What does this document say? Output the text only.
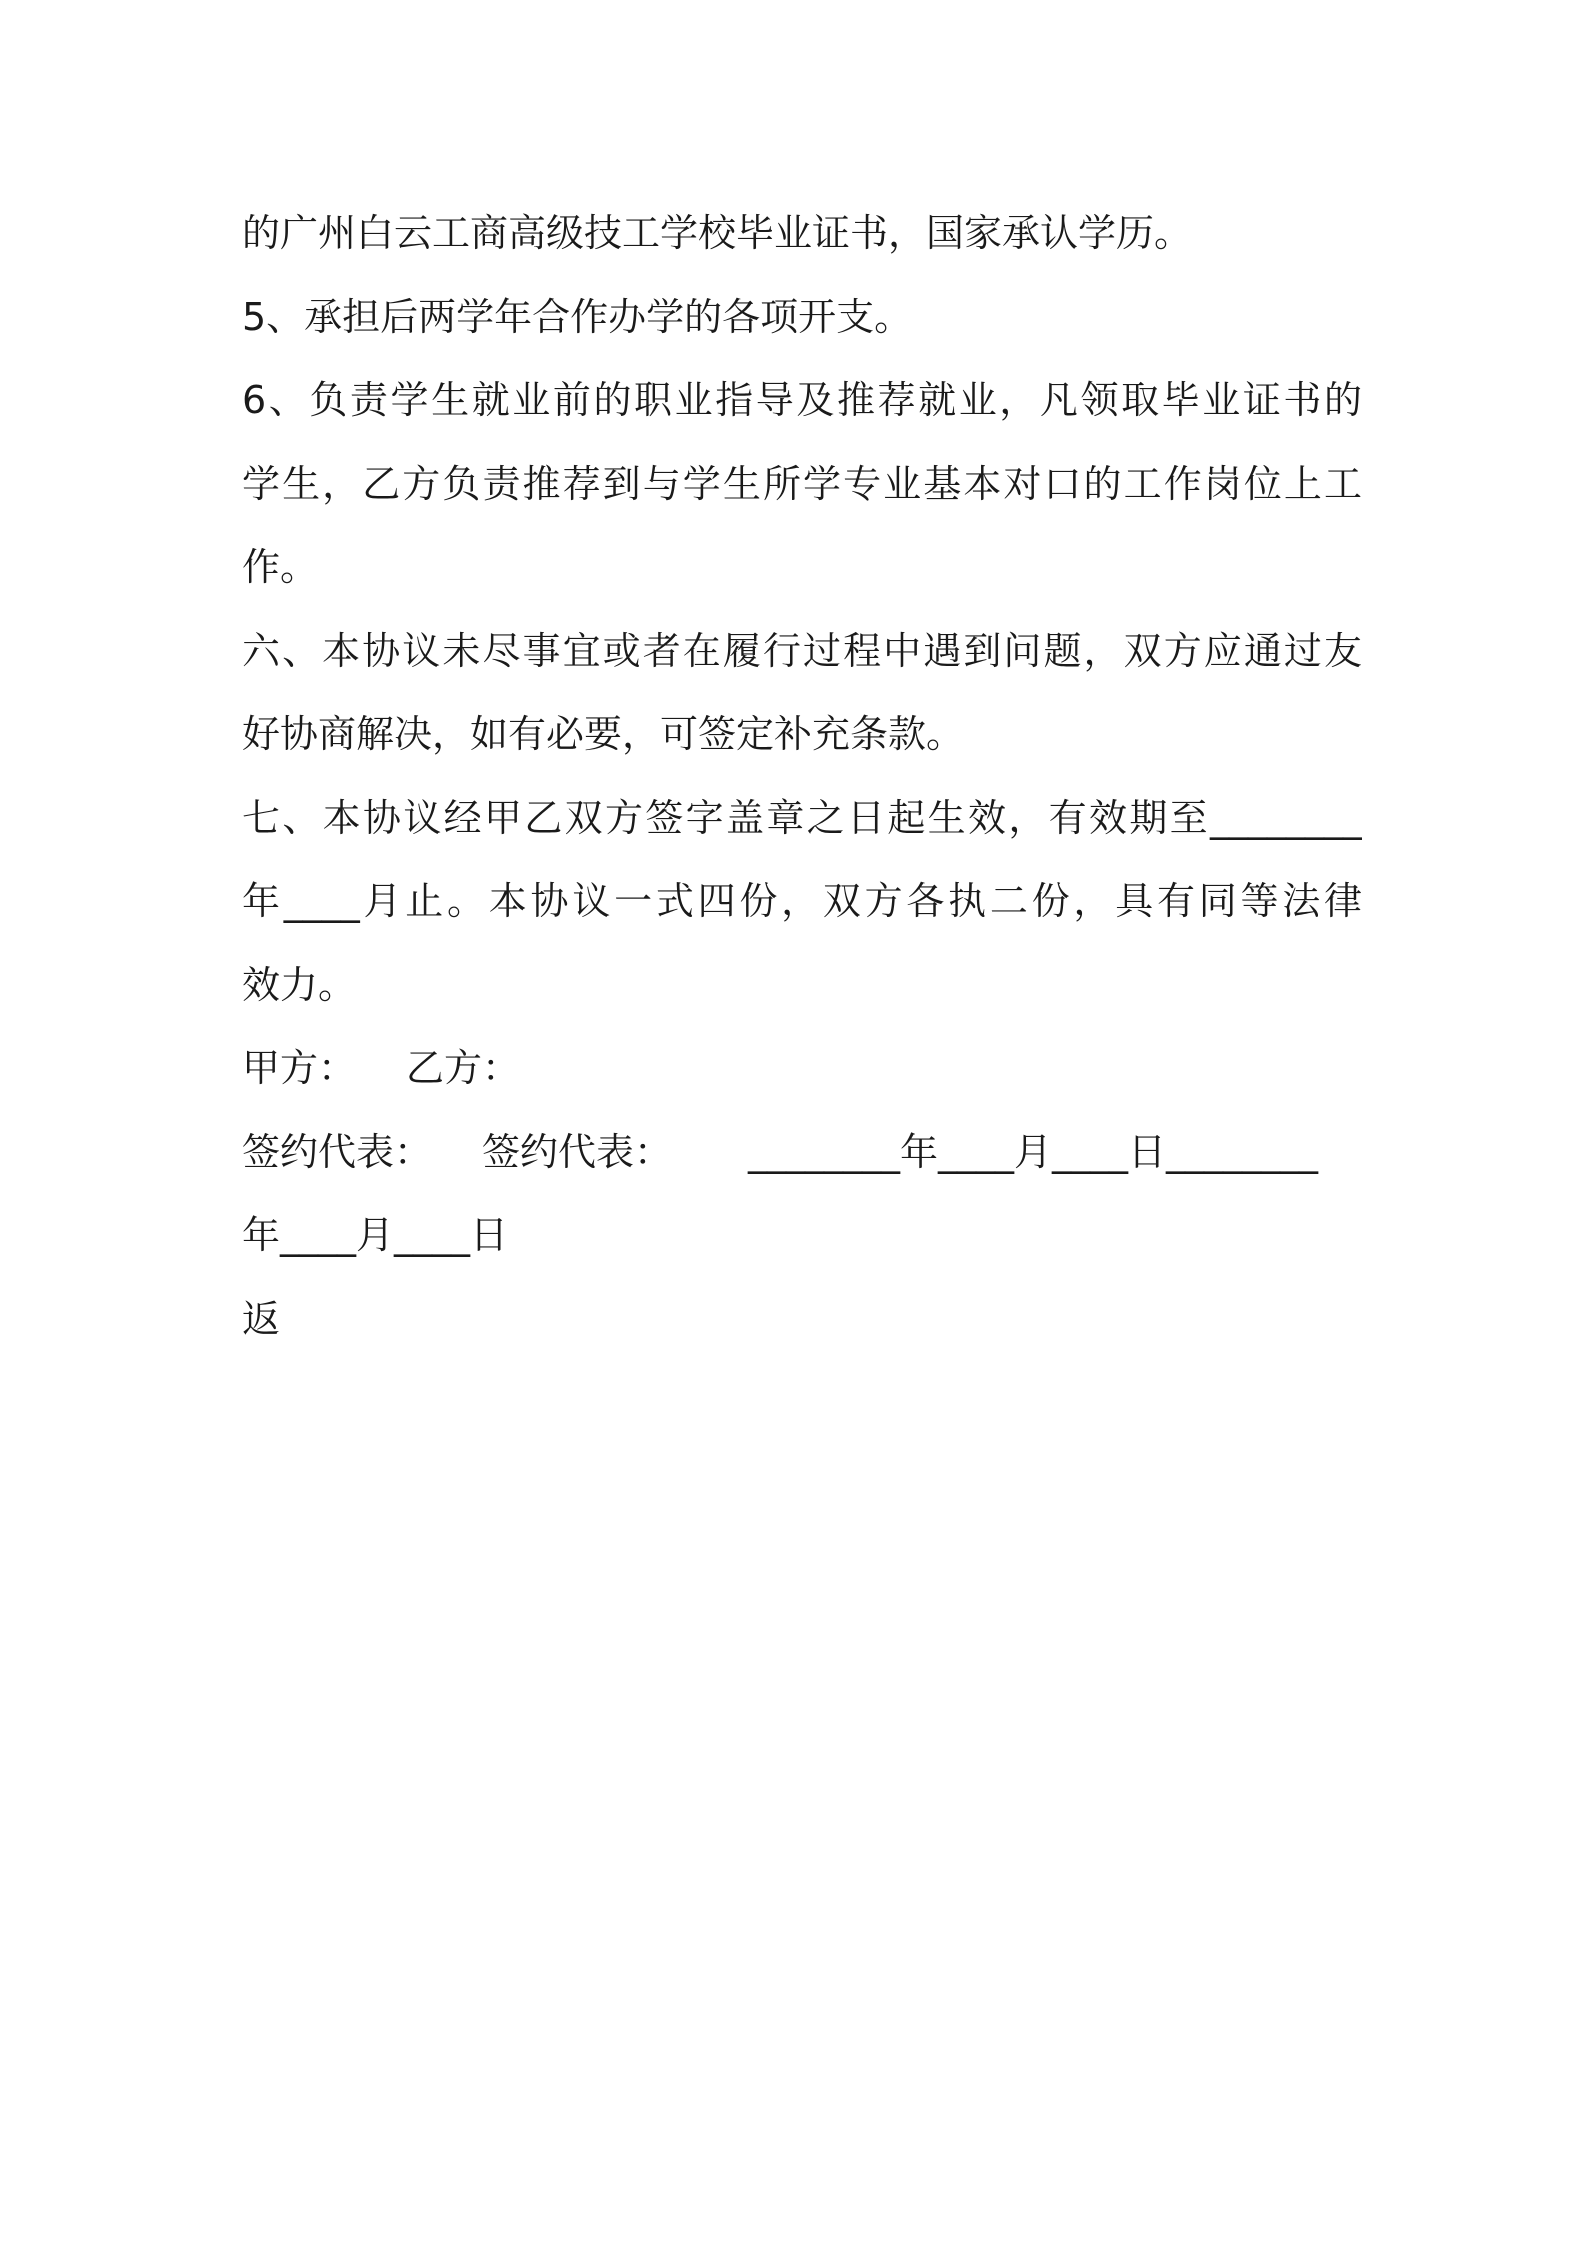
的广州白云工商高级技工学校毕业证书，国家承认学历。
5、承担后两学年合作办学的各项开支。
6、负责学生就业前的职业指导及推荐就业，凡领取毕业证书的
学生，乙方负责推荐到与学生所学专业基本对口的工作岗位上工
作。
六、本协议未尽事宜或者在履行过程中遇到问题，双方应通过友
好协商解决，如有必要，可签定补充条款。
七、本协议经甲乙双方签字盖章之日起生效，有效期至________
年____月止。本协议一式四份，双方各执二份，具有同等法律
效力。
甲方： 乙方：
签约代表： 签约代表： ________年____月____日________
年____月____日
返
